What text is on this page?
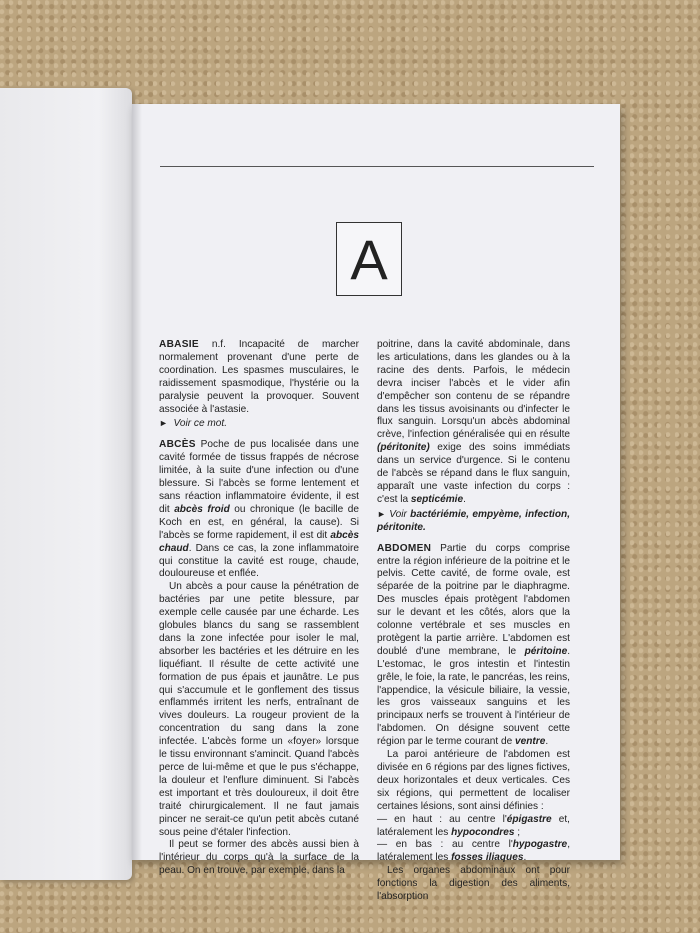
A

ABASIE n.f. Incapacité de marcher normalement provenant d'une perte de coordination. Les spasmes musculaires, le raidissement spasmodique, l'hystérie ou la paralysie peuvent la provoquer. Souvent associée à l'astasie.

► Voir ce mot.

ABCÈS Poche de pus localisée dans une cavité formée de tissus frappés de nécrose limitée, à la suite d'une infection ou d'une blessure. Si l'abcès se forme lentement et sans réaction inflammatoire évidente, il est dit abcès froid ou chronique (le bacille de Koch en est, en général, la cause). Si l'abcès se forme rapidement, il est dit abcès chaud. Dans ce cas, la zone inflammatoire qui constitue la cavité est rouge, chaude, douloureuse et enflée.

Un abcès a pour cause la pénétration de bactéries par une petite blessure, par exemple celle causée par une écharde. Les globules blancs du sang se rassemblent dans la zone infectée pour isoler le mal, absorber les bactéries et les détruire en les liquéfiant. Il résulte de cette activité une formation de pus épais et jaunâtre. Le pus qui s'accumule et le gonflement des tissus enflammés irritent les nerfs, entraînant de vives douleurs. La rougeur provient de la concentration du sang dans la zone infectée. L'abcès forme un «foyer» lorsque le tissu environnant s'amincit. Quand l'abcès perce de lui-même et que le pus s'échappe, la douleur et l'enflure diminuent. Si l'abcès est important et très douloureux, il doit être traité chirurgicalement. Il ne faut jamais pincer ne serait-ce qu'un petit abcès cutané sous peine d'étaler l'infection.

Il peut se former des abcès aussi bien à l'intérieur du corps qu'à la surface de la peau. On en trouve, par exemple, dans la

poitrine, dans la cavité abdominale, dans les articulations, dans les glandes ou à la racine des dents. Parfois, le médecin devra inciser l'abcès et le vider afin d'empêcher son contenu de se répandre dans les tissus avoisinants ou d'infecter le flux sanguin. Lorsqu'un abcès abdominal crève, l'infection généralisée qui en résulte (péritonite) exige des soins immédiats dans un service d'urgence. Si le contenu de l'abcès se répand dans le flux sanguin, apparaît une vaste infection du corps : c'est la septicémie.

► Voir bactériémie, empyème, infection, péritonite.

ABDOMEN Partie du corps comprise entre la région inférieure de la poitrine et le pelvis. Cette cavité, de forme ovale, est séparée de la poitrine par le diaphragme. Des muscles épais protègent l'abdomen sur le devant et les côtés, alors que la colonne vertébrale et ses muscles en protègent la partie arrière. L'abdomen est doublé d'une membrane, le péritoine. L'estomac, le gros intestin et l'intestin grêle, le foie, la rate, le pancréas, les reins, l'appendice, la vésicule biliaire, la vessie, les gros vaisseaux sanguins et les principaux nerfs se trouvent à l'intérieur de l'abdomen. On désigne souvent cette région par le terme courant de ventre.

La paroi antérieure de l'abdomen est divisée en 6 régions par des lignes fictives, deux horizontales et deux verticales. Ces six régions, qui permettent de localiser certaines lésions, sont ainsi définies :

— en haut : au centre l'épigastre et, latéralement les hypocondres ;

— en bas : au centre l'hypogastre, latéralement les fosses iliaques.

Les organes abdominaux ont pour fonctions la digestion des aliments, l'absorption
